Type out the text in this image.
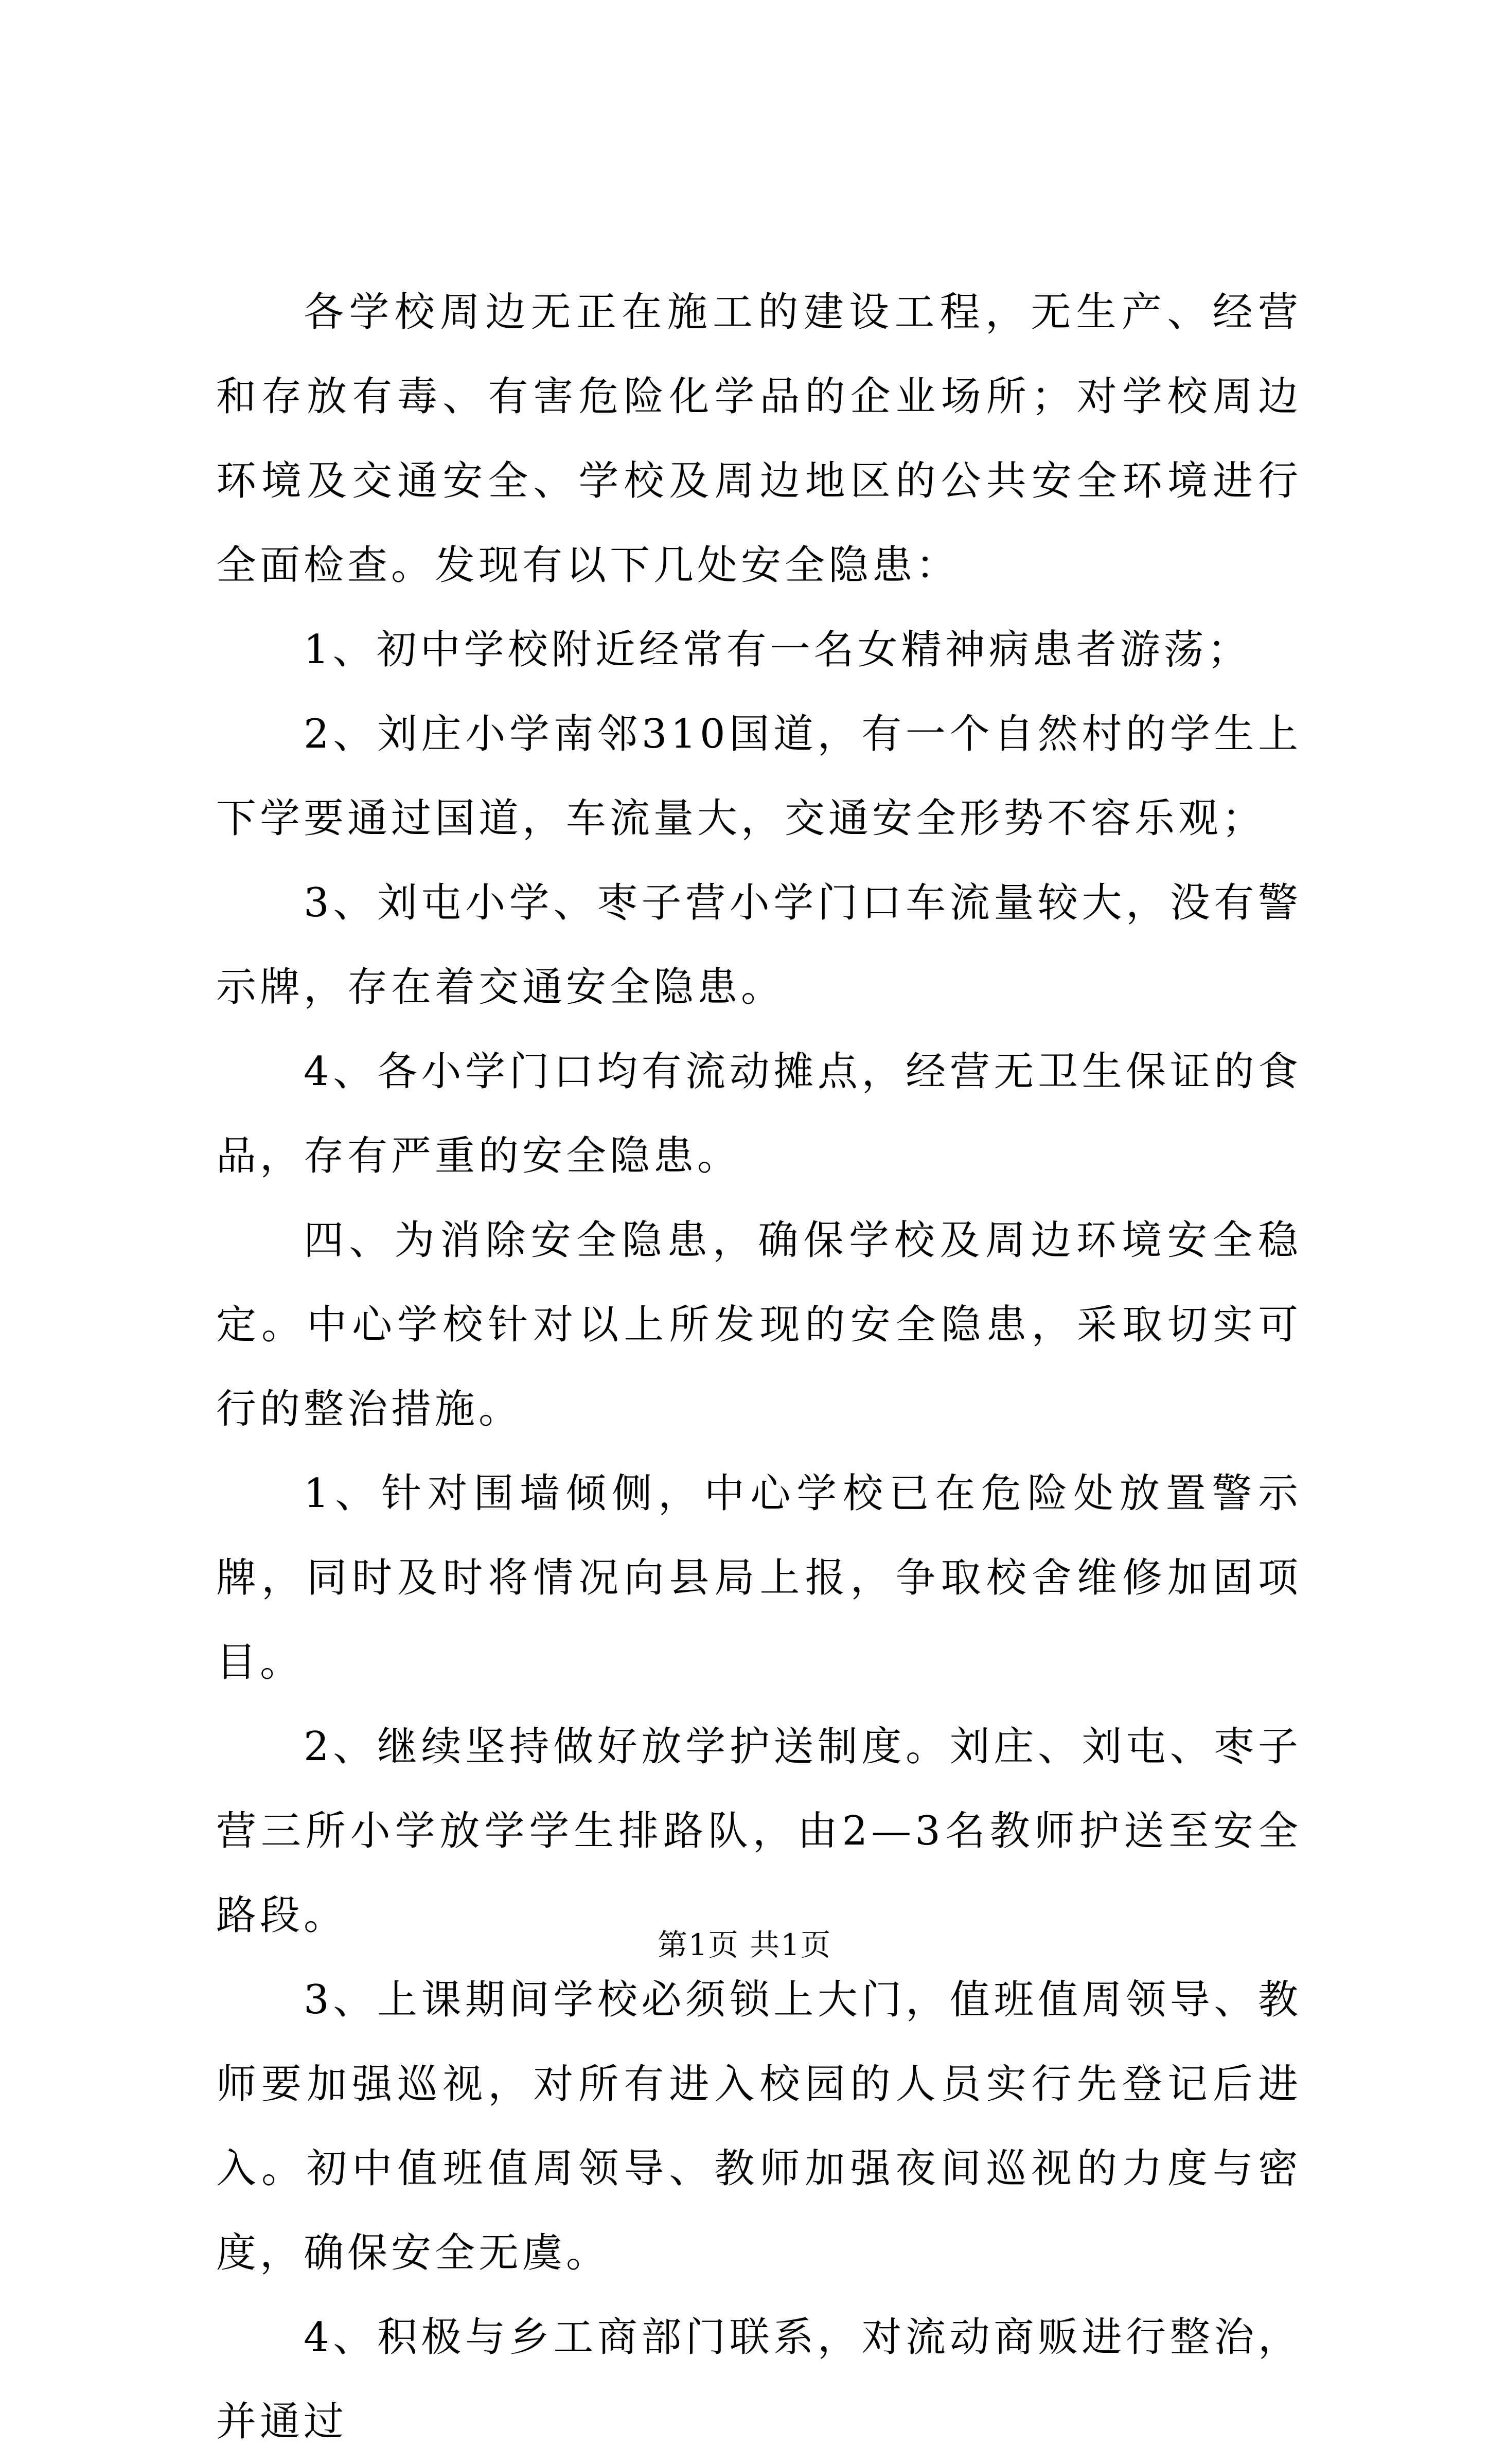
各学校周边无正在施工的建设工程，无生产、经营和存放有毒、有害危险化学品的企业场所；对学校周边环境及交通安全、学校及周边地区的公共安全环境进行全面检查。发现有以下几处安全隐患：

1、初中学校附近经常有一名女精神病患者游荡；

2、刘庄小学南邻310国道，有一个自然村的学生上下学要通过国道，车流量大，交通安全形势不容乐观；

3、刘屯小学、枣子营小学门口车流量较大，没有警示牌，存在着交通安全隐患。

4、各小学门口均有流动摊点，经营无卫生保证的食品，存有严重的安全隐患。

四、为消除安全隐患，确保学校及周边环境安全稳定。中心学校针对以上所发现的安全隐患，采取切实可行的整治措施。

1、针对围墙倾侧，中心学校已在危险处放置警示牌，同时及时将情况向县局上报，争取校舍维修加固项目。

2、继续坚持做好放学护送制度。刘庄、刘屯、枣子营三所小学放学学生排路队，由2—3名教师护送至安全路段。

3、上课期间学校必须锁上大门，值班值周领导、教师要加强巡视，对所有进入校园的人员实行先登记后进入。初中值班值周领导、教师加强夜间巡视的力度与密度，确保安全无虞。

4、积极与乡工商部门联系，对流动商贩进行整治，并通过

第1页 共1页
